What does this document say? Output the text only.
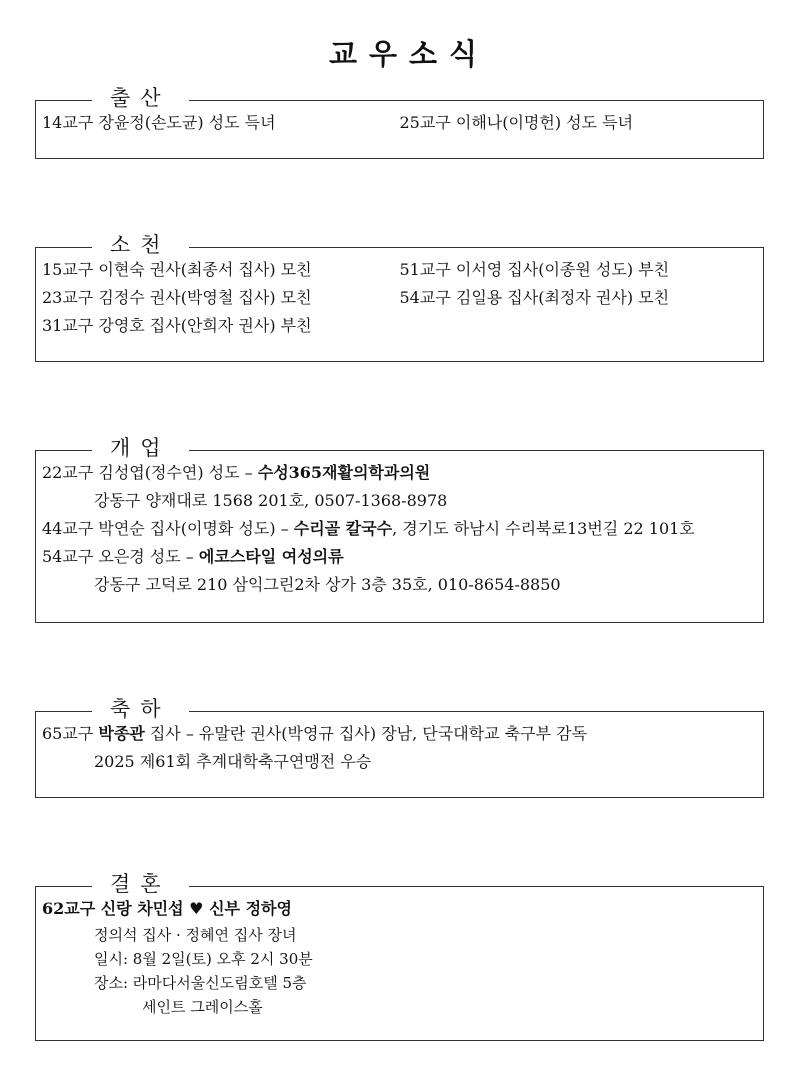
교우소식
출산
14교구 장윤정(손도균) 성도 득녀	25교구 이해나(이명헌) 성도 득녀
소천
15교구 이현숙 권사(최종서 집사) 모친	51교구 이서영 집사(이종원 성도) 부친
23교구 김정수 권사(박영철 집사) 모친	54교구 김일용 집사(최정자 권사) 모친
31교구 강영호 집사(안희자 권사) 부친
개업
22교구 김성엽(정수연) 성도 – 수성365재활의학과의원
강동구 양재대로 1568 201호, 0507-1368-8978
44교구 박연순 집사(이명화 성도) – 수리골 칼국수, 경기도 하남시 수리북로13번길 22 101호
54교구 오은경 성도 – 에코스타일 여성의류
강동구 고덕로 210 삼익그린2차 상가 3층 35호, 010-8654-8850
축하
65교구 박종관 집사 – 유말란 권사(박영규 집사) 장남, 단국대학교 축구부 감독
2025 제61회 추계대학축구연맹전 우승
결혼
62교구 신랑 차민섭 ♥ 신부 정하영
정의석 집사 · 정혜연 집사 장녀
일시: 8월 2일(토) 오후 2시 30분
장소: 라마다서울신도림호텔 5층
세인트 그레이스홀
